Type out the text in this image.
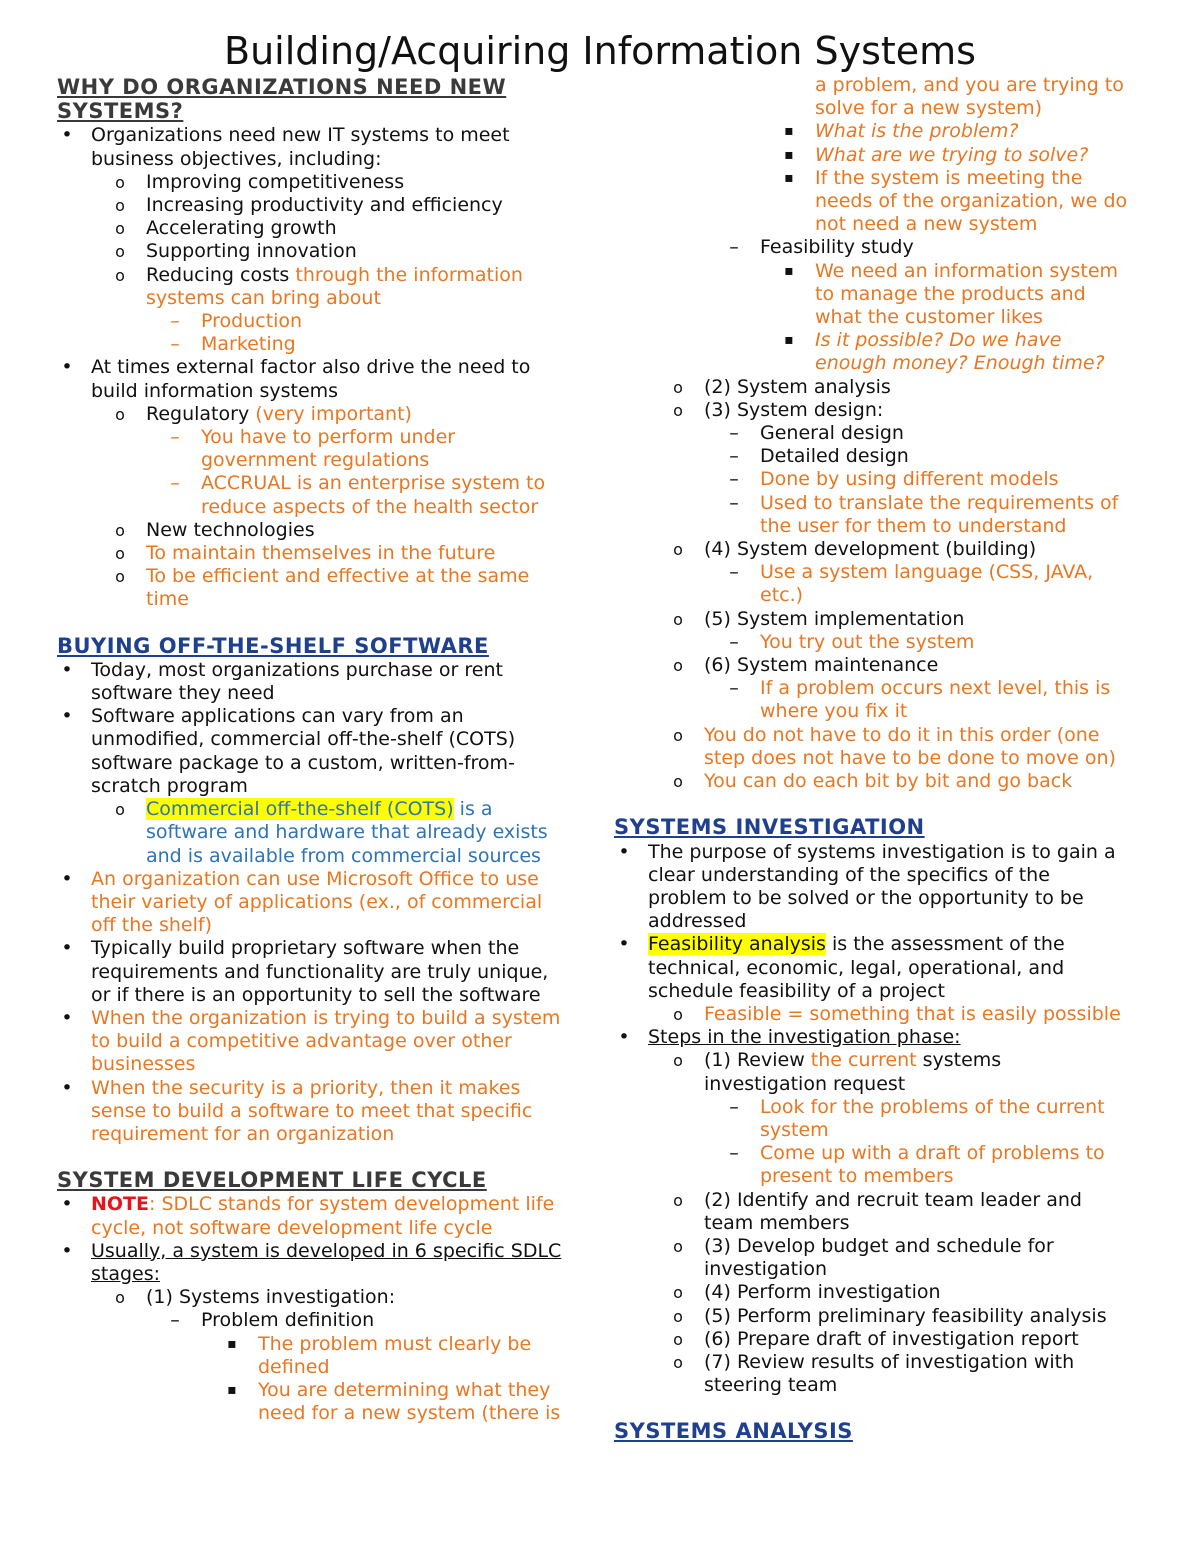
Building/Acquiring Information Systems
WHY DO ORGANIZATIONS NEED NEW
SYSTEMS?
• Organizations need new IT systems to meet
business objectives, including:
o Improving competitiveness
o Increasing productivity and efficiency
o Accelerating growth
o Supporting innovation
o Reducing costs through the information
systems can bring about
– Production
– Marketing
• At times external factor also drive the need to
build information systems
o Regulatory (very important)
– You have to perform under
government regulations
– ACCRUAL is an enterprise system to
reduce aspects of the health sector
o New technologies
o To maintain themselves in the future
o To be efficient and effective at the same
time
BUYING OFF-THE-SHELF SOFTWARE
• Today, most organizations purchase or rent
software they need
• Software applications can vary from an
unmodified, commercial off-the-shelf (COTS)
software package to a custom, written-from-
scratch program
o Commercial off-the-shelf (COTS) is a
software and hardware that already exists
and is available from commercial sources
• An organization can use Microsoft Office to use
their variety of applications (ex., of commercial
off the shelf)
• Typically build proprietary software when the
requirements and functionality are truly unique,
or if there is an opportunity to sell the software
• When the organization is trying to build a system
to build a competitive advantage over other
businesses
• When the security is a priority, then it makes
sense to build a software to meet that specific
requirement for an organization
SYSTEM DEVELOPMENT LIFE CYCLE
• NOTE: SDLC stands for system development life
cycle, not software development life cycle
• Usually, a system is developed in 6 specific SDLC
stages:
o (1) Systems investigation:
– Problem definition
▪ The problem must clearly be
defined
▪ You are determining what they
need for a new system (there is
a problem, and you are trying to
solve for a new system)
▪ What is the problem?
▪ What are we trying to solve?
▪ If the system is meeting the
needs of the organization, we do
not need a new system
– Feasibility study
▪ We need an information system
to manage the products and
what the customer likes
▪ Is it possible? Do we have
enough money? Enough time?
o (2) System analysis
o (3) System design:
– General design
– Detailed design
– Done by using different models
– Used to translate the requirements of
the user for them to understand
o (4) System development (building)
– Use a system language (CSS, JAVA,
etc.)
o (5) System implementation
– You try out the system
o (6) System maintenance
– If a problem occurs next level, this is
where you fix it
o You do not have to do it in this order (one
step does not have to be done to move on)
o You can do each bit by bit and go back
SYSTEMS INVESTIGATION
• The purpose of systems investigation is to gain a
clear understanding of the specifics of the
problem to be solved or the opportunity to be
addressed
• Feasibility analysis is the assessment of the
technical, economic, legal, operational, and
schedule feasibility of a project
o Feasible = something that is easily possible
• Steps in the investigation phase:
o (1) Review the current systems
investigation request
– Look for the problems of the current
system
– Come up with a draft of problems to
present to members
o (2) Identify and recruit team leader and
team members
o (3) Develop budget and schedule for
investigation
o (4) Perform investigation
o (5) Perform preliminary feasibility analysis
o (6) Prepare draft of investigation report
o (7) Review results of investigation with
steering team
SYSTEMS ANALYSIS
